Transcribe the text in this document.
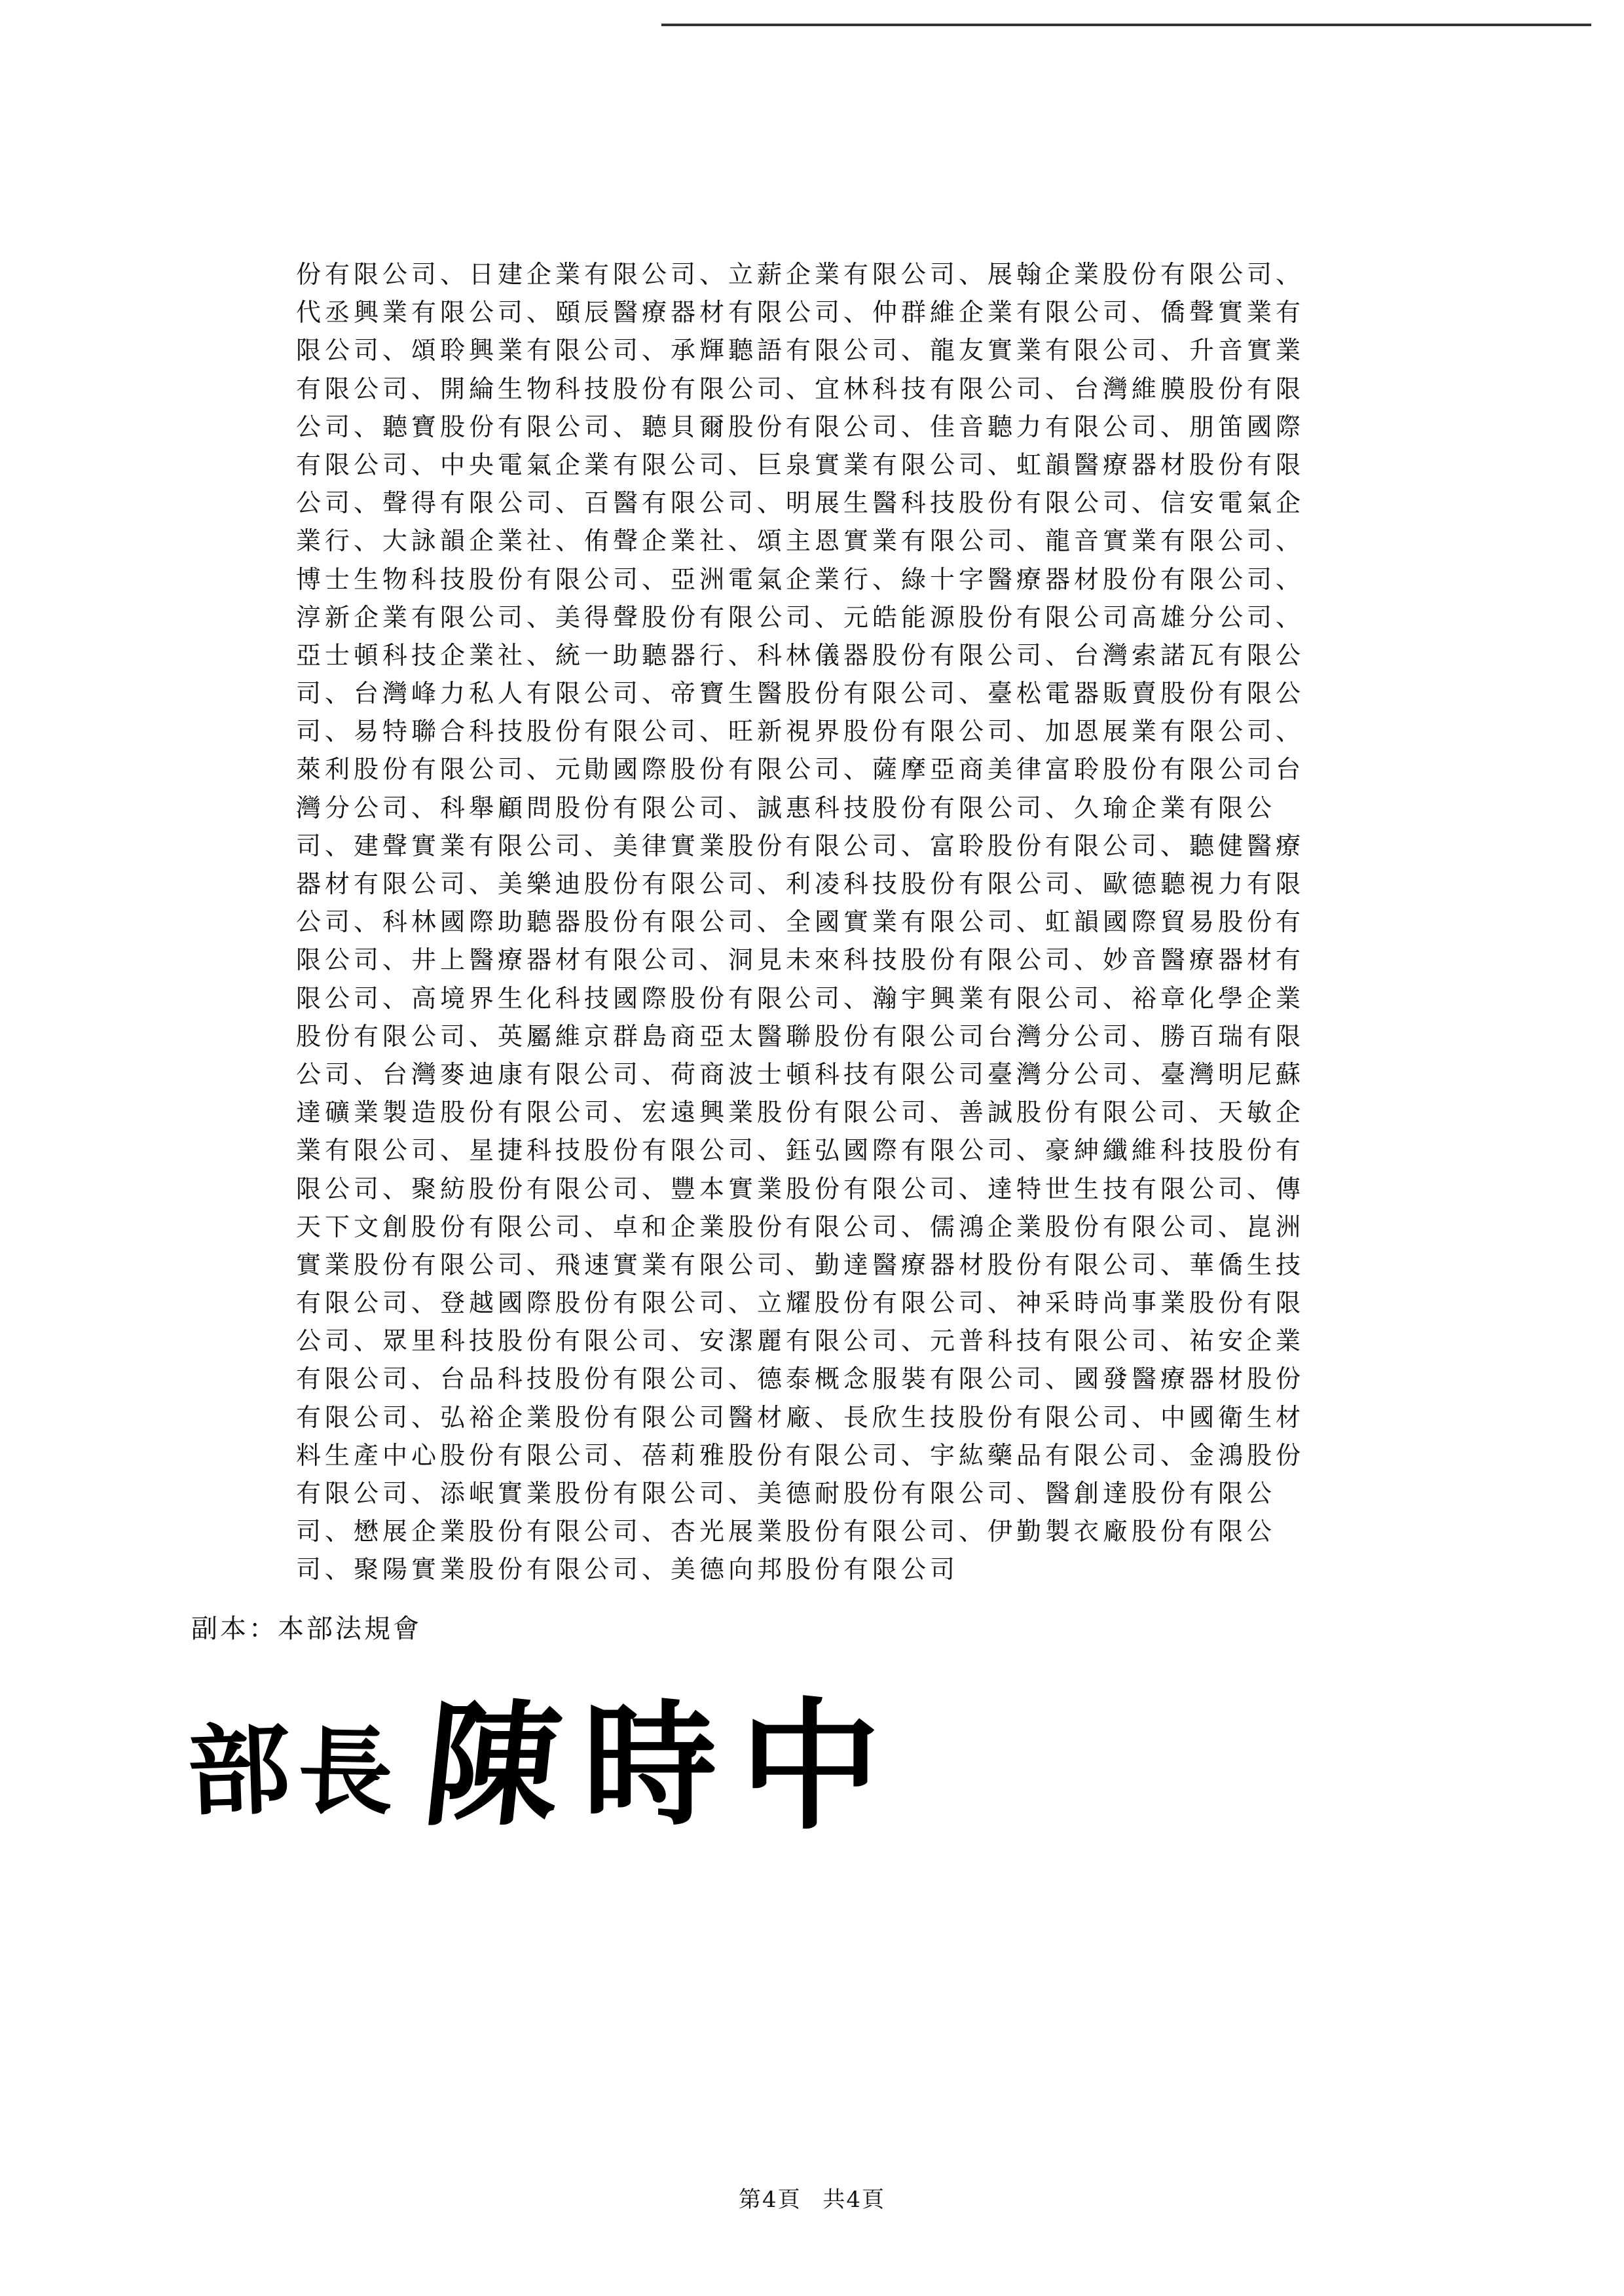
份有限公司、日建企業有限公司、立薪企業有限公司、展翰企業股份有限公司、
代丞興業有限公司、頤辰醫療器材有限公司、仲群維企業有限公司、僑聲實業有
限公司、頌聆興業有限公司、承輝聽語有限公司、龍友實業有限公司、升音實業
有限公司、開綸生物科技股份有限公司、宜林科技有限公司、台灣維膜股份有限
公司、聽寶股份有限公司、聽貝爾股份有限公司、佳音聽力有限公司、朋笛國際
有限公司、中央電氣企業有限公司、巨泉實業有限公司、虹韻醫療器材股份有限
公司、聲得有限公司、百醫有限公司、明展生醫科技股份有限公司、信安電氣企
業行、大詠韻企業社、侑聲企業社、頌主恩實業有限公司、龍音實業有限公司、
博士生物科技股份有限公司、亞洲電氣企業行、綠十字醫療器材股份有限公司、
淳新企業有限公司、美得聲股份有限公司、元皓能源股份有限公司高雄分公司、
亞士頓科技企業社、統一助聽器行、科林儀器股份有限公司、台灣索諾瓦有限公
司、台灣峰力私人有限公司、帝寶生醫股份有限公司、臺松電器販賣股份有限公
司、易特聯合科技股份有限公司、旺新視界股份有限公司、加恩展業有限公司、
萊利股份有限公司、元勛國際股份有限公司、薩摩亞商美律富聆股份有限公司台
灣分公司、科舉顧問股份有限公司、誠惠科技股份有限公司、久瑜企業有限公
司、建聲實業有限公司、美律實業股份有限公司、富聆股份有限公司、聽健醫療
器材有限公司、美樂迪股份有限公司、利凌科技股份有限公司、歐德聽視力有限
公司、科林國際助聽器股份有限公司、全國實業有限公司、虹韻國際貿易股份有
限公司、井上醫療器材有限公司、洞見未來科技股份有限公司、妙音醫療器材有
限公司、高境界生化科技國際股份有限公司、瀚宇興業有限公司、裕章化學企業
股份有限公司、英屬維京群島商亞太醫聯股份有限公司台灣分公司、勝百瑞有限
公司、台灣麥迪康有限公司、荷商波士頓科技有限公司臺灣分公司、臺灣明尼蘇
達礦業製造股份有限公司、宏遠興業股份有限公司、善誠股份有限公司、天敏企
業有限公司、星捷科技股份有限公司、鈺弘國際有限公司、豪紳纖維科技股份有
限公司、聚紡股份有限公司、豐本實業股份有限公司、達特世生技有限公司、傳
天下文創股份有限公司、卓和企業股份有限公司、儒鴻企業股份有限公司、崑洲
實業股份有限公司、飛速實業有限公司、勤達醫療器材股份有限公司、華僑生技
有限公司、登越國際股份有限公司、立耀股份有限公司、神采時尚事業股份有限
公司、眾里科技股份有限公司、安潔麗有限公司、元普科技有限公司、祐安企業
有限公司、台品科技股份有限公司、德泰概念服裝有限公司、國發醫療器材股份
有限公司、弘裕企業股份有限公司醫材廠、長欣生技股份有限公司、中國衛生材
料生產中心股份有限公司、蓓莉雅股份有限公司、宇紘藥品有限公司、金鴻股份
有限公司、添岷實業股份有限公司、美德耐股份有限公司、醫創達股份有限公
司、懋展企業股份有限公司、杏光展業股份有限公司、伊勤製衣廠股份有限公
司、聚陽實業股份有限公司、美德向邦股份有限公司
副本：本部法規會
部 長 陳 時 中
第4頁 共4頁
